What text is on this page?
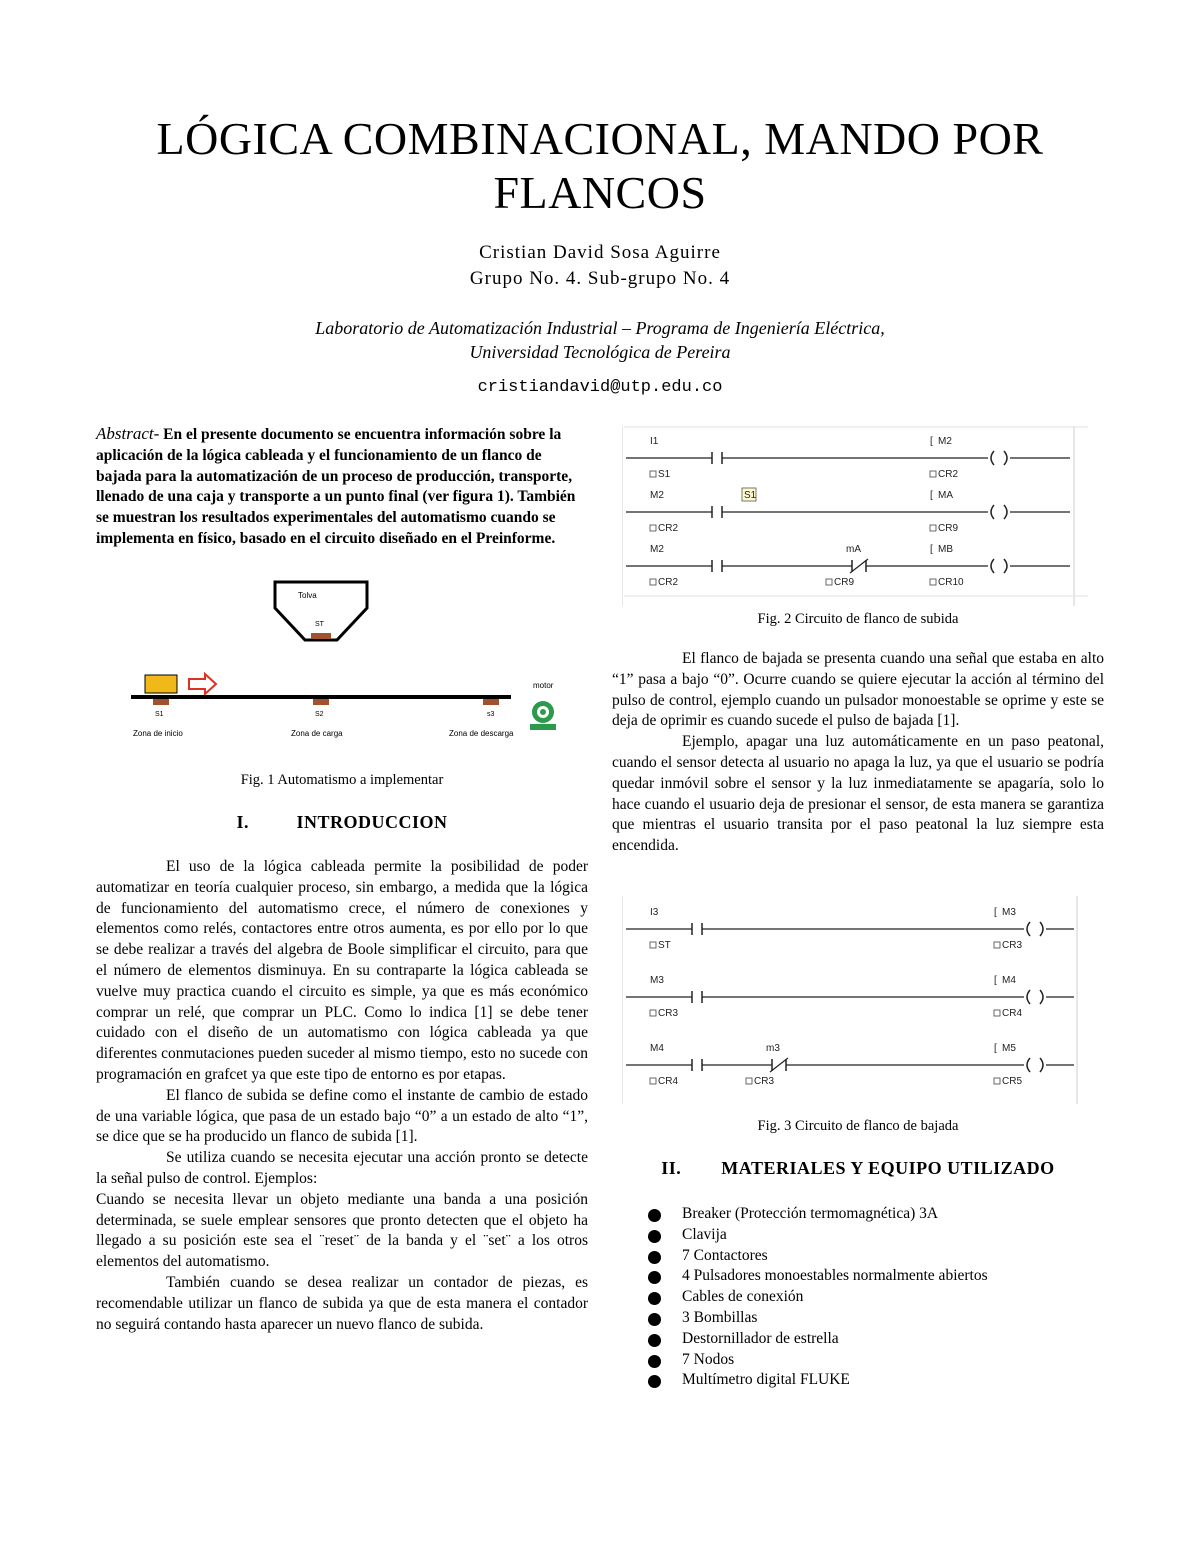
LÓGICA COMBINACIONAL, MANDO POR FLANCOS
Cristian David Sosa Aguirre
Grupo No. 4. Sub-grupo No. 4
Laboratorio de Automatización Industrial – Programa de Ingeniería Eléctrica,
Universidad Tecnológica de Pereira
cristiandavid@utp.edu.co

Abstract- En el presente documento se encuentra información sobre la aplicación de la lógica cableada y el funcionamiento de un flanco de bajada para la automatización de un proceso de producción, transporte, llenado de una caja y transporte a un punto final (ver figura 1). También se muestran los resultados experimentales del automatismo cuando se implementa en físico, basado en el circuito diseñado en el Preinforme.

Tolva
ST
S1	S2	s3
Zona de inicio	Zona de carga	Zona de descarga
motor
Fig. 1 Automatismo a implementar
I.	INTRODUCCION

El uso de la lógica cableada permite la posibilidad de poder automatizar en teoría cualquier proceso, sin embargo, a medida que la lógica de funcionamiento del automatismo crece, el número de conexiones y elementos como relés, contactores entre otros aumenta, es por ello por lo que se debe realizar a través del algebra de Boole simplificar el circuito, para que el número de elementos disminuya. En su contraparte la lógica cableada se vuelve muy practica cuando el circuito es simple, ya que es más económico comprar un relé, que comprar un PLC. Como lo indica [1] se debe tener cuidado con el diseño de un automatismo con lógica cableada ya que diferentes conmutaciones pueden suceder al mismo tiempo, esto no sucede con programación en grafcet ya que este tipo de entorno es por etapas.

El flanco de subida se define como el instante de cambio de estado de una variable lógica, que pasa de un estado bajo “0” a un estado de alto “1”, se dice que se ha producido un flanco de subida [1].

Se utiliza cuando se necesita ejecutar una acción pronto se detecte la señal pulso de control. Ejemplos:

Cuando se necesita llevar un objeto mediante una banda a una posición determinada, se suele emplear sensores que pronto detecten que el objeto ha llegado a su posición este sea el ¨reset¨ de la banda y el ¨set¨ a los otros elementos del automatismo.

También cuando se desea realizar un contador de piezas, es recomendable utilizar un flanco de subida ya que de esta manera el contador no seguirá contando hasta aparecer un nuevo flanco de subida.

I1
S1
[ M2
CR2
M2
CR2
S1	[ MA
CR9
M2
CR2
mA
CR9
[ MB
CR10
Fig. 2 Circuito de flanco de subida

El flanco de bajada se presenta cuando una señal que estaba en alto “1” pasa a bajo “0”. Ocurre cuando se quiere ejecutar la acción al término del pulso de control, ejemplo cuando un pulsador monoestable se oprime y este se deja de oprimir es cuando sucede el pulso de bajada [1].

Ejemplo, apagar una luz automáticamente en un paso peatonal, cuando el sensor detecta al usuario no apaga la luz, ya que el usuario se podría quedar inmóvil sobre el sensor y la luz inmediatamente se apagaría, solo lo hace cuando el usuario deja de presionar el sensor, de esta manera se garantiza que mientras el usuario transita por el paso peatonal la luz siempre esta encendida.

I3
ST
[ M3
CR3
M3
CR3
[ M4
CR4
M4
CR4
m3
CR3
[ M5
CR5
Fig. 3 Circuito de flanco de bajada
II. MATERIALES Y EQUIPO UTILIZADO
Breaker (Protección termomagnética) 3A
Clavija
7 Contactores
4 Pulsadores monoestables normalmente abiertos
Cables de conexión
3 Bombillas
Destornillador de estrella
7 Nodos
Multímetro digital FLUKE
